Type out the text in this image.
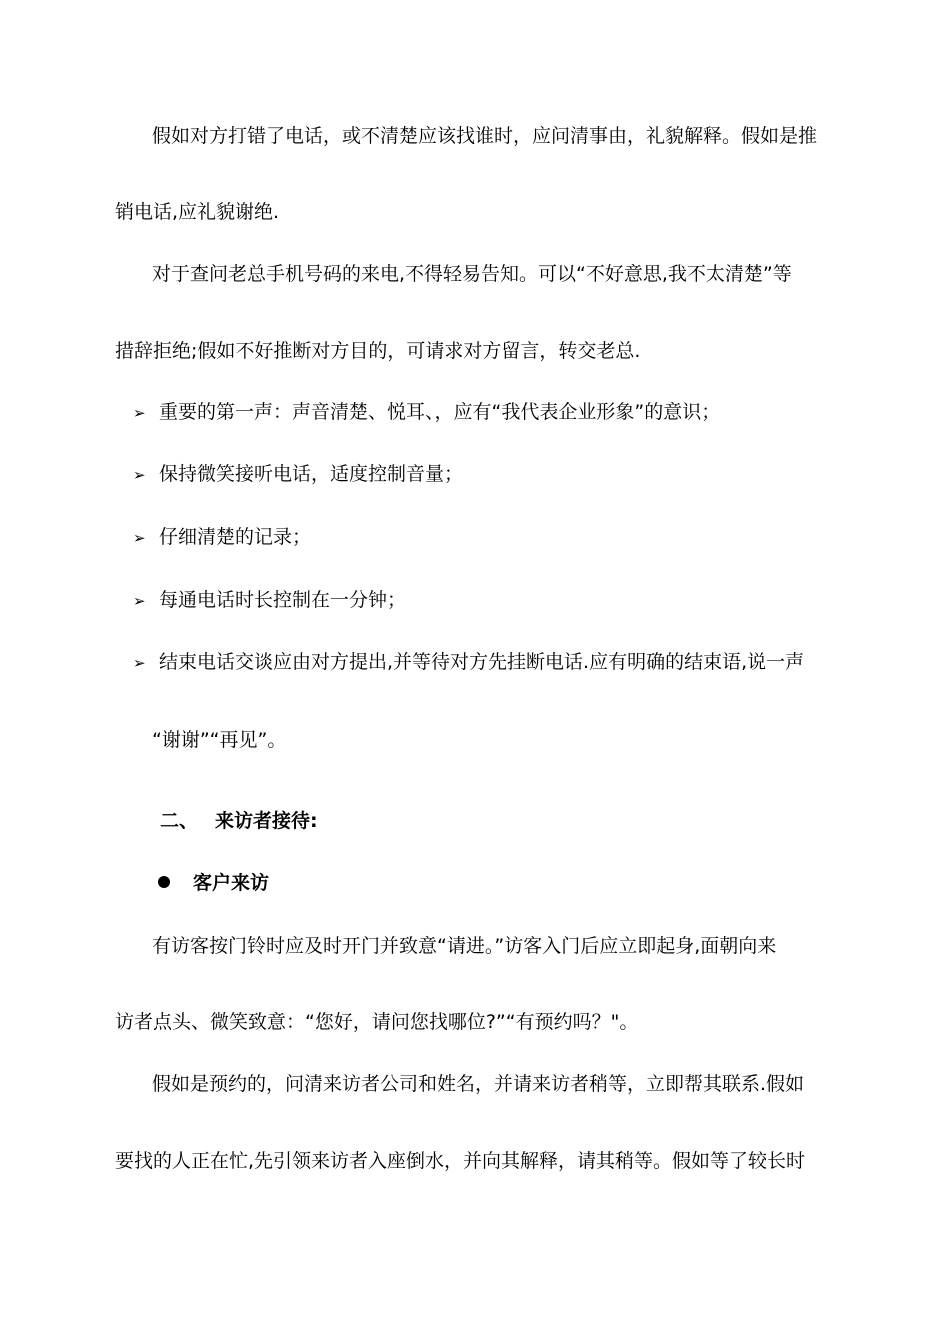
假如对方打错了电话，或不清楚应该找谁时，应问清事由，礼貌解释。假如是推
销电话,应礼貌谢绝.
对于查问老总手机号码的来电,不得轻易告知。可以“不好意思,我不太清楚”等
措辞拒绝;假如不好推断对方目的，可请求对方留言，转交老总.
➢ 重要的第一声：声音清楚、悦耳、，应有“我代表企业形象”的意识；
➢ 保持微笑接听电话，适度控制音量；
➢ 仔细清楚的记录；
➢ 每通电话时长控制在一分钟；
➢ 结束电话交谈应由对方提出,并等待对方先挂断电话.应有明确的结束语,说一声
“谢谢”“再见”。
二、 来访者接待:
客户来访
有访客按门铃时应及时开门并致意“请进。”访客入门后应立即起身,面朝向来
访者点头、微笑致意：“您好，请问您找哪位?”“有预约吗？"。
假如是预约的，问清来访者公司和姓名，并请来访者稍等，立即帮其联系.假如
要找的人正在忙,先引领来访者入座倒水，并向其解释，请其稍等。假如等了较长时
